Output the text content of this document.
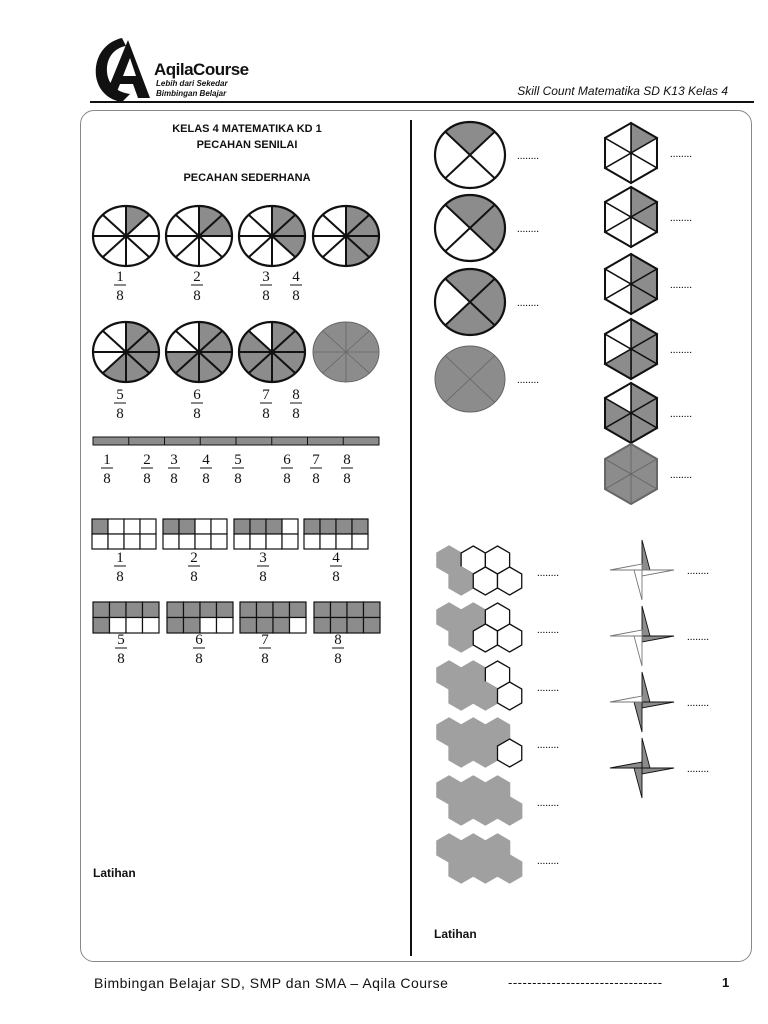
AqilaCourse
Lebih dari Sekedar
Bimbingan Belajar	Skill Count Matematika SD K13 Kelas 4
KELAS 4 MATEMATIKA KD 1
PECAHAN SENILAI
PECAHAN SEDERHANA
1
8
2
8
3
8
4
8
5
8
6
8
7
8
8
8
1
8
2
8
3
8
4
8
5
8
6
8
7
8
8
8
1
8
2
8
3
8
4
8
5
8
6
8
7
8
8
8
........
........
........
........
........
........
........
........
........
........
........
........
........
........
........
........
........
........
........
........
Latihan
Latihan
Bimbingan Belajar SD, SMP dan SMA – Aqila Course	--------------------------------	1
